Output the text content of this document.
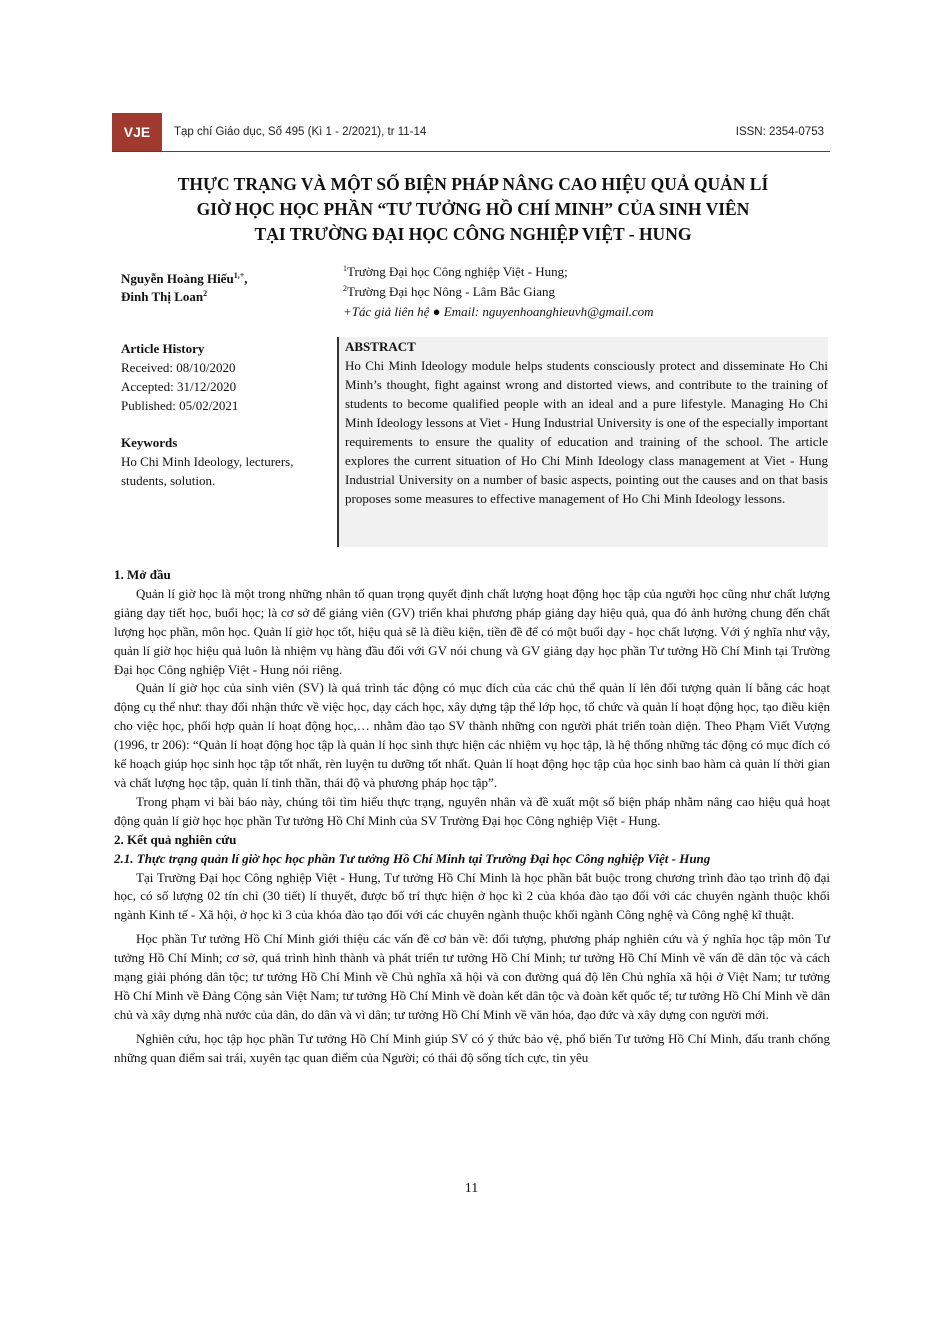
VJE	Tạp chí Giáo dục, Số 495 (Kì 1 - 2/2021), tr 11-14	ISSN: 2354-0753
THỰC TRẠNG VÀ MỘT SỐ BIỆN PHÁP NÂNG CAO HIỆU QUẢ QUẢN LÍ
GIỜ HỌC HỌC PHẦN “TƯ TƯỞNG HỒ CHÍ MINH” CỦA SINH VIÊN
TẠI TRƯỜNG ĐẠI HỌC CÔNG NGHIỆP VIỆT - HUNG
Nguyễn Hoàng Hiếu$^{1,+}$,
Đinh Thị Loan$^2$
$^1$Trường Đại học Công nghiệp Việt - Hung;
$^2$Trường Đại học Nông - Lâm Bắc Giang
+Tác giả liên hệ ● Email: nguyenhoanghieuvh@gmail.com
Article History
Received: 08/10/2020
Accepted: 31/12/2020
Published: 05/02/2021
Keywords
Ho Chi Minh Ideology, lecturers, students, solution.
ABSTRACT

Ho Chi Minh Ideology module helps students consciously protect and disseminate Ho Chi Minh’s thought, fight against wrong and distorted views, and contribute to the training of students to become qualified people with an ideal and a pure lifestyle. Managing Ho Chi Minh Ideology lessons at Viet - Hung Industrial University is one of the especially important requirements to ensure the quality of education and training of the school. The article explores the current situation of Ho Chi Minh Ideology class management at Viet - Hung Industrial University on a number of basic aspects, pointing out the causes and on that basis proposes some measures to effective management of Ho Chi Minh Ideology lessons.

1. Mở đầu

Quản lí giờ học là một trong những nhân tố quan trọng quyết định chất lượng hoạt động học tập của người học cũng như chất lượng giảng dạy tiết học, buổi học; là cơ sở để giảng viên (GV) triển khai phương pháp giảng dạy hiệu quả, qua đó ảnh hưởng chung đến chất lượng học phần, môn học. Quản lí giờ học tốt, hiệu quả sẽ là điều kiện, tiền đề để có một buổi dạy - học chất lượng. Với ý nghĩa như vậy, quản lí giờ học hiệu quả luôn là nhiệm vụ hàng đầu đối với GV nói chung và GV giảng dạy học phần Tư tưởng Hồ Chí Minh tại Trường Đại học Công nghiệp Việt - Hung nói riêng.

Quản lí giờ học của sinh viên (SV) là quá trình tác động có mục đích của các chủ thể quản lí lên đối tượng quản lí bằng các hoạt động cụ thể như: thay đổi nhận thức về việc học, dạy cách học, xây dựng tập thể lớp học, tổ chức và quản lí hoạt động học, tạo điều kiện cho việc học, phối hợp quản lí hoạt động học,… nhằm đào tạo SV thành những con người phát triển toàn diện. Theo Phạm Viết Vượng (1996, tr 206): “Quản lí hoạt động học tập là quản lí học sinh thực hiện các nhiệm vụ học tập, là hệ thống những tác động có mục đích có kế hoạch giúp học sinh học tập tốt nhất, rèn luyện tu dưỡng tốt nhất. Quản lí hoạt động học tập của học sinh bao hàm cả quản lí thời gian và chất lượng học tập, quản lí tinh thần, thái độ và phương pháp học tập”.

Trong phạm vi bài báo này, chúng tôi tìm hiểu thực trạng, nguyên nhân và đề xuất một số biện pháp nhằm nâng cao hiệu quả hoạt động quản lí giờ học học phần Tư tưởng Hồ Chí Minh của SV Trường Đại học Công nghiệp Việt - Hung.

2. Kết quả nghiên cứu
2.1. Thực trạng quản lí giờ học học phần Tư tưởng Hồ Chí Minh tại Trường Đại học Công nghiệp Việt - Hung

Tại Trường Đại học Công nghiệp Việt - Hung, Tư tưởng Hồ Chí Minh là học phần bắt buộc trong chương trình đào tạo trình độ đại học, có số lượng 02 tín chỉ (30 tiết) lí thuyết, được bố trí thực hiện ở học kì 2 của khóa đào tạo đối với các chuyên ngành thuộc khối ngành Kinh tế - Xã hội, ở học kì 3 của khóa đào tạo đối với các chuyên ngành thuộc khối ngành Công nghệ và Công nghệ kĩ thuật.

Học phần Tư tưởng Hồ Chí Minh giới thiệu các vấn đề cơ bản về: đối tượng, phương pháp nghiên cứu và ý nghĩa học tập môn Tư tưởng Hồ Chí Minh; cơ sở, quá trình hình thành và phát triển tư tưởng Hồ Chí Minh; tư tưởng Hồ Chí Minh về vấn đề dân tộc và cách mạng giải phóng dân tộc; tư tưởng Hồ Chí Minh về Chủ nghĩa xã hội và con đường quá độ lên Chủ nghĩa xã hội ở Việt Nam; tư tưởng Hồ Chí Minh về Đảng Cộng sản Việt Nam; tư tưởng Hồ Chí Minh về đoàn kết dân tộc và đoàn kết quốc tế; tư tưởng Hồ Chí Minh về dân chủ và xây dựng nhà nước của dân, do dân và vì dân; tư tưởng Hồ Chí Minh về văn hóa, đạo đức và xây dựng con người mới.

Nghiên cứu, học tập học phần Tư tưởng Hồ Chí Minh giúp SV có ý thức bảo vệ, phổ biến Tư tưởng Hồ Chí Minh, đấu tranh chống những quan điểm sai trái, xuyên tạc quan điểm của Người; có thái độ sống tích cực, tin yêu

11
